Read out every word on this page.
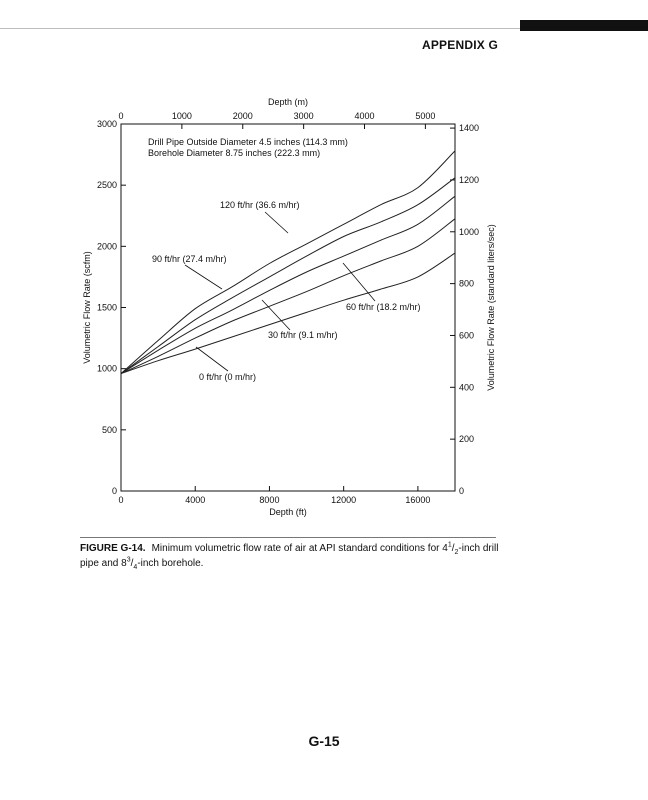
APPENDIX G
0	4000	8000	12000	16000
Depth (ft)
0	1000	2000	3000	4000	5000
Depth (m)
0
500
1000
1500
2000
2500
3000
Volumetric Flow Rate (scfm)
0
200
400
600
800
1000
1200
1400
Volumetric Flow Rate (standard liters/sec)
Drill Pipe Outside Diameter 4.5 inches (114.3 mm)
Borehole Diameter 8.75 inches (222.3 mm)
0 ft/hr (0 m/hr)
30 ft/hr (9.1 m/hr)
60 ft/hr (18.2 m/hr)
90 ft/hr (27.4 m/hr)
120 ft/hr (36.6 m/hr)
FIGURE G-14. Minimum volumetric flow rate of air at API standard conditions for $4^1/_2$-inch drill pipe and $8^3/_4$-inch borehole.
G-15
